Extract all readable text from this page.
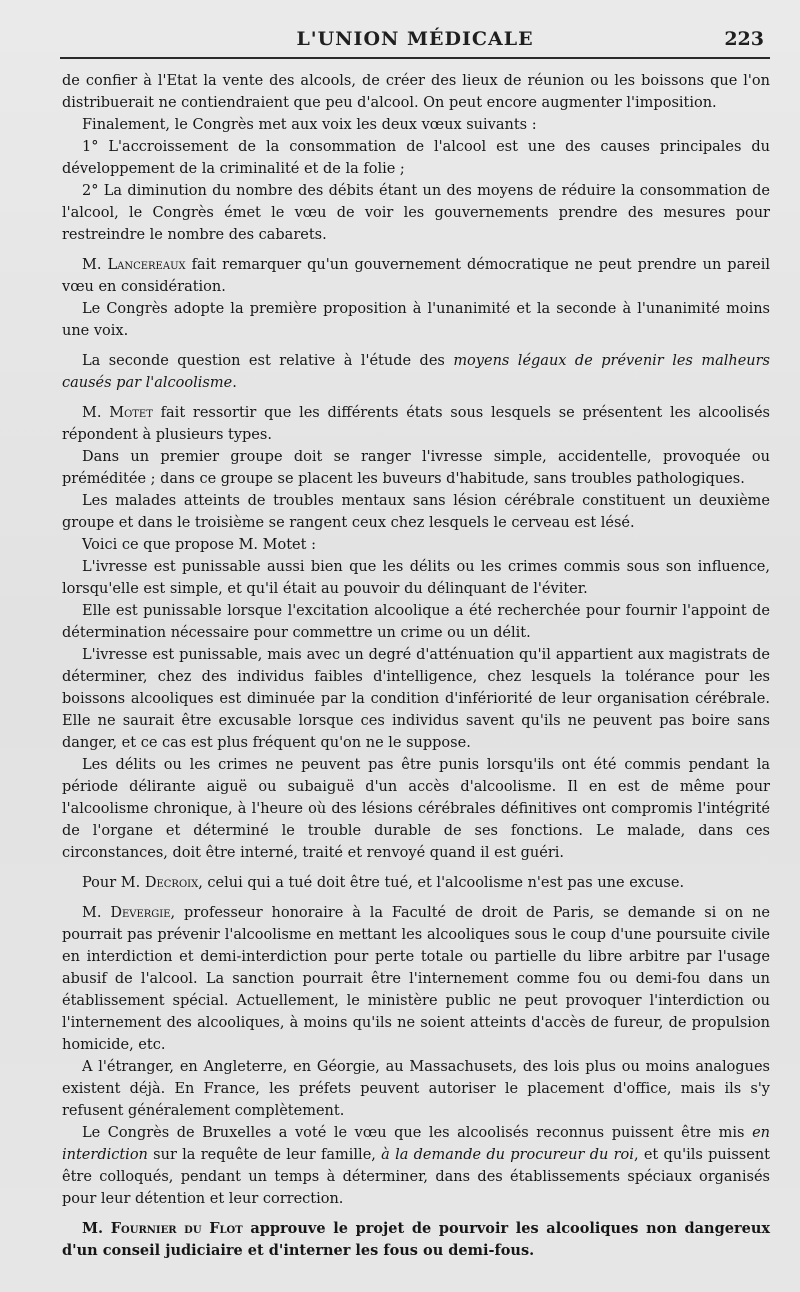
L'UNION MÉDICALE	223

de confier à l'Etat la vente des alcools, de créer des lieux de réunion ou les boissons que l'on distribuerait ne contiendraient que peu d'alcool. On peut encore augmenter l'imposition.

Finalement, le Congrès met aux voix les deux vœux suivants :

1° L'accroissement de la consommation de l'alcool est une des causes principales du développement de la criminalité et de la folie ;

2° La diminution du nombre des débits étant un des moyens de réduire la consommation de l'alcool, le Congrès émet le vœu de voir les gouvernements prendre des mesures pour restreindre le nombre des cabarets.

M. Lancereaux fait remarquer qu'un gouvernement démocratique ne peut prendre un pareil vœu en considération.

Le Congrès adopte la première proposition à l'unanimité et la seconde à l'unanimité moins une voix.

La seconde question est relative à l'étude des moyens légaux de prévenir les malheurs causés par l'alcoolisme.

M. Motet fait ressortir que les différents états sous lesquels se présentent les alcoolisés répondent à plusieurs types.

Dans un premier groupe doit se ranger l'ivresse simple, accidentelle, provoquée ou préméditée ; dans ce groupe se placent les buveurs d'habitude, sans troubles pathologiques.

Les malades atteints de troubles mentaux sans lésion cérébrale constituent un deuxième groupe et dans le troisième se rangent ceux chez lesquels le cerveau est lésé.

Voici ce que propose M. Motet :

L'ivresse est punissable aussi bien que les délits ou les crimes commis sous son influence, lorsqu'elle est simple, et qu'il était au pouvoir du délinquant de l'éviter.

Elle est punissable lorsque l'excitation alcoolique a été recherchée pour fournir l'appoint de détermination nécessaire pour commettre un crime ou un délit.

L'ivresse est punissable, mais avec un degré d'atténuation qu'il appartient aux magistrats de déterminer, chez des individus faibles d'intelligence, chez lesquels la tolérance pour les boissons alcooliques est diminuée par la condition d'infériorité de leur organisation cérébrale. Elle ne saurait être excusable lorsque ces individus savent qu'ils ne peuvent pas boire sans danger, et ce cas est plus fréquent qu'on ne le suppose.

Les délits ou les crimes ne peuvent pas être punis lorsqu'ils ont été commis pendant la période délirante aiguë ou subaiguë d'un accès d'alcoolisme. Il en est de même pour l'alcoolisme chronique, à l'heure où des lésions cérébrales définitives ont compromis l'intégrité de l'organe et déterminé le trouble durable de ses fonctions. Le malade, dans ces circonstances, doit être interné, traité et renvoyé quand il est guéri.

Pour M. Decroix, celui qui a tué doit être tué, et l'alcoolisme n'est pas une excuse.

M. Devergie, professeur honoraire à la Faculté de droit de Paris, se demande si on ne pourrait pas prévenir l'alcoolisme en mettant les alcooliques sous le coup d'une poursuite civile en interdiction et demi-interdiction pour perte totale ou partielle du libre arbitre par l'usage abusif de l'alcool. La sanction pourrait être l'internement comme fou ou demi-fou dans un établissement spécial. Actuellement, le ministère public ne peut provoquer l'interdiction ou l'internement des alcooliques, à moins qu'ils ne soient atteints d'accès de fureur, de propulsion homicide, etc.

A l'étranger, en Angleterre, en Géorgie, au Massachusets, des lois plus ou moins analogues existent déjà. En France, les préfets peuvent autoriser le placement d'office, mais ils s'y refusent généralement complètement.

Le Congrès de Bruxelles a voté le vœu que les alcoolisés reconnus puissent être mis en interdiction sur la requête de leur famille, à la demande du procureur du roi, et qu'ils puissent être colloqués, pendant un temps à déterminer, dans des établissements spéciaux organisés pour leur détention et leur correction.

M. Fournier du Flot approuve le projet de pourvoir les alcooliques non dangereux d'un conseil judiciaire et d'interner les fous ou demi-fous.
